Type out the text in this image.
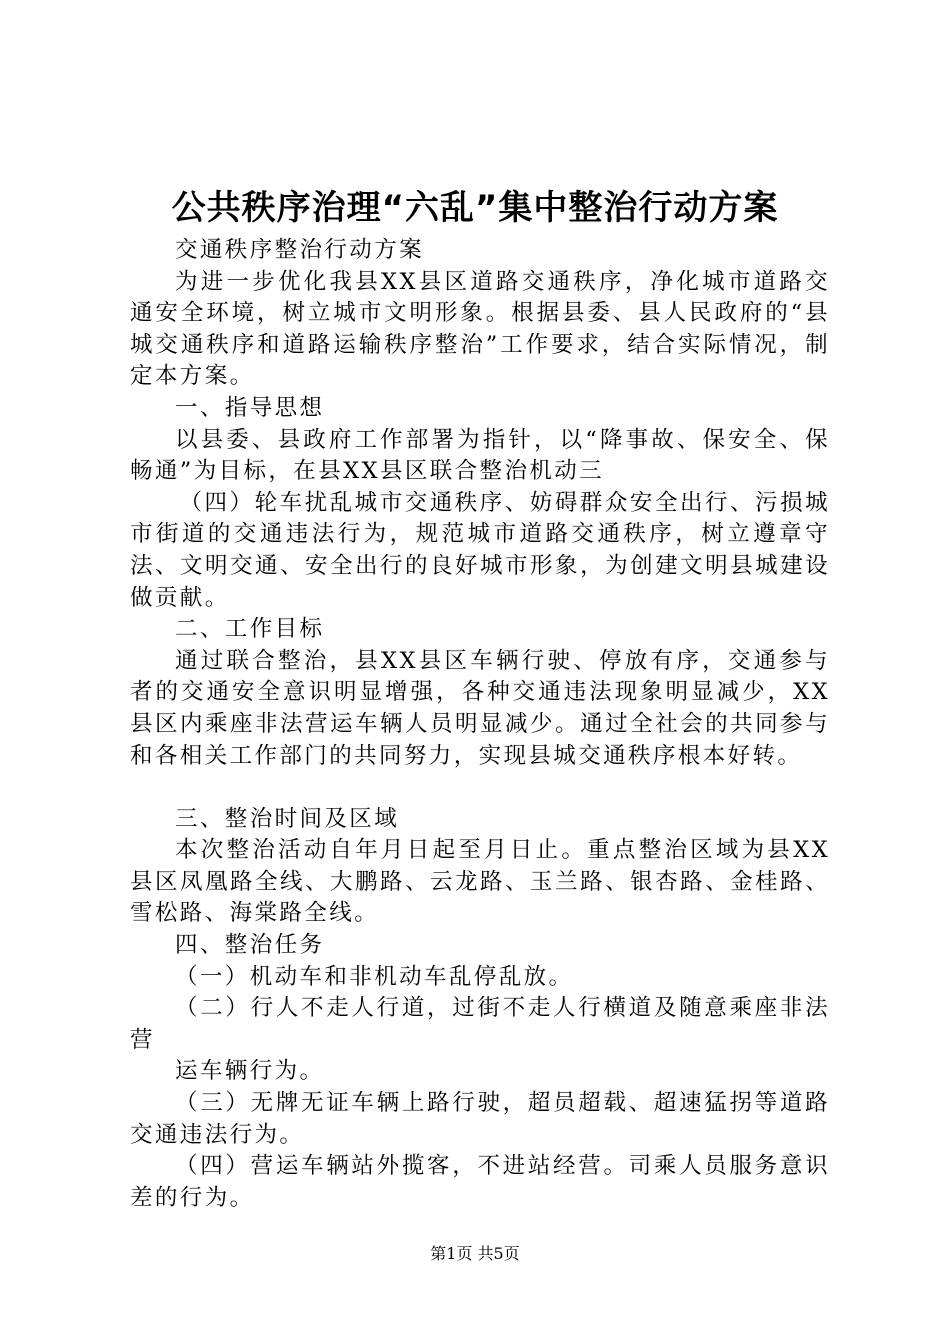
公共秩序治理“六乱”集中整治行动方案

交通秩序整治行动方案

为进一步优化我县XX县区道路交通秩序，净化城市道路交通安全环境，树立城市文明形象。根据县委、县人民政府的“县城交通秩序和道路运输秩序整治”工作要求，结合实际情况，制定本方案。

一、指导思想

以县委、县政府工作部署为指针，以“降事故、保安全、保畅通”为目标，在县XX县区联合整治机动三

（四）轮车扰乱城市交通秩序、妨碍群众安全出行、污损城市街道的交通违法行为，规范城市道路交通秩序，树立遵章守法、文明交通、安全出行的良好城市形象，为创建文明县城建设做贡献。

二、工作目标

通过联合整治，县XX县区车辆行驶、停放有序，交通参与者的交通安全意识明显增强，各种交通违法现象明显减少，XX县区内乘座非法营运车辆人员明显减少。通过全社会的共同参与和各相关工作部门的共同努力，实现县城交通秩序根本好转。

三、整治时间及区域

本次整治活动自年月日起至月日止。重点整治区域为县XX县区凤凰路全线、大鹏路、云龙路、玉兰路、银杏路、金桂路、雪松路、海棠路全线。

四、整治任务

（一）机动车和非机动车乱停乱放。

（二）行人不走人行道，过街不走人行横道及随意乘座非法营

运车辆行为。

（三）无牌无证车辆上路行驶，超员超载、超速猛拐等道路交通违法行为。

（四）营运车辆站外揽客，不进站经营。司乘人员服务意识差的行为。

第1页 共5页
